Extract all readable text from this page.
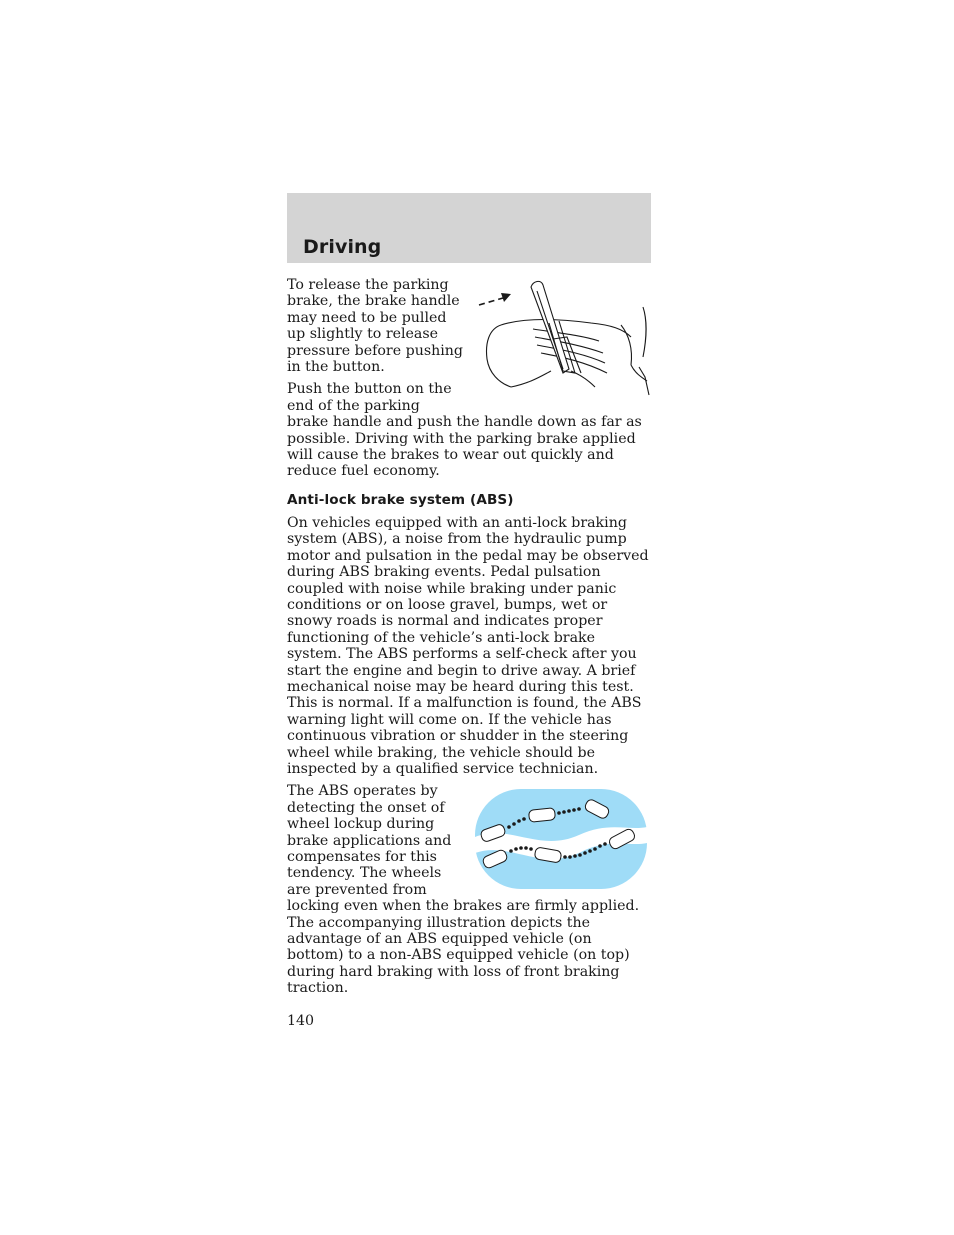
Driving

To release the parking brake, the brake handle may need to be pulled up slightly to release pressure before pushing in the button.

Push the button on the end of the parking brake handle and push the handle down as far as possible. Driving with the parking brake applied will cause the brakes to wear out quickly and reduce fuel economy.

Anti-lock brake system (ABS)

On vehicles equipped with an anti-lock braking system (ABS), a noise from the hydraulic pump motor and pulsation in the pedal may be observed during ABS braking events. Pedal pulsation coupled with noise while braking under panic conditions or on loose gravel, bumps, wet or snowy roads is normal and indicates proper functioning of the vehicle’s anti-lock brake system. The ABS performs a self-check after you start the engine and begin to drive away. A brief mechanical noise may be heard during this test. This is normal. If a malfunction is found, the ABS warning light will come on. If the vehicle has continuous vibration or shudder in the steering wheel while braking, the vehicle should be inspected by a qualified service technician.

The ABS operates by detecting the onset of wheel lockup during brake applications and compensates for this tendency. The wheels are prevented from locking even when the brakes are firmly applied. The accompanying illustration depicts the advantage of an ABS equipped vehicle (on bottom) to a non-ABS equipped vehicle (on top) during hard braking with loss of front braking traction.

140
